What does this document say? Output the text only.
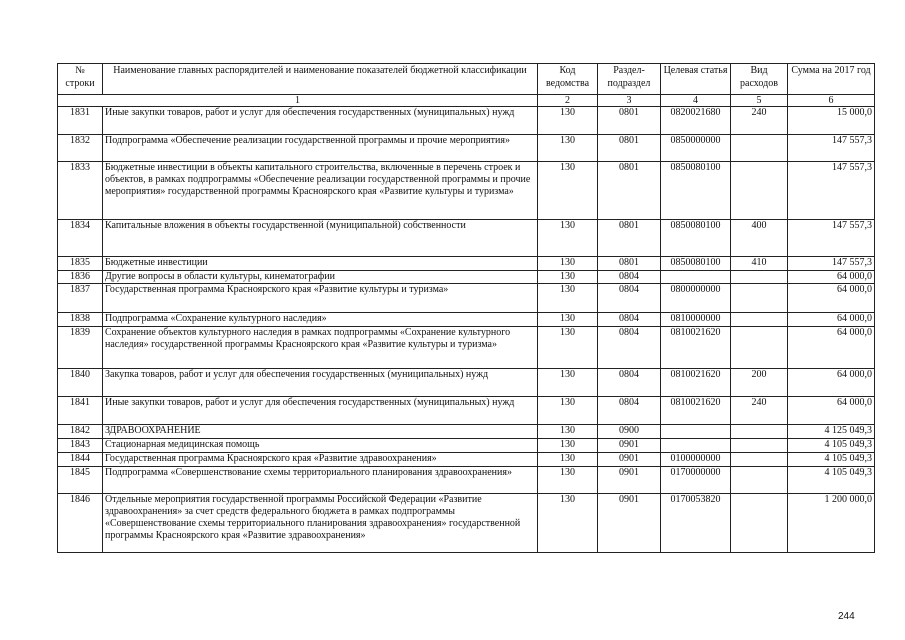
№ строки	Наименование главных распорядителей и наименование показателей бюджетной классификации	Код ведомства	Раздел-подраздел	Целевая статья	Вид расходов	Сумма на 2017 год
1		2	3	4	5	6
1831	Иные закупки товаров, работ и услуг для обеспечения государственных (муниципальных) нужд	130	0801	0820021680	240	15 000,0
1832	Подпрограмма «Обеспечение реализации государственной программы и прочие мероприятия»	130	0801	0850000000		147 557,3
1833	Бюджетные инвестиции в объекты капитального строительства, включенные в перечень строек и объектов, в рамках подпрограммы «Обеспечение реализации государственной программы и прочие мероприятия» государственной программы Красноярского края «Развитие культуры и туризма»	130	0801	0850080100		147 557,3
1834	Капитальные вложения в объекты государственной (муниципальной) собственности	130	0801	0850080100	400	147 557,3
1835	Бюджетные инвестиции	130	0801	0850080100	410	147 557,3
1836	Другие вопросы в области культуры, кинематографии	130	0804			64 000,0
1837	Государственная программа Красноярского края «Развитие культуры и туризма»	130	0804	0800000000		64 000,0
1838	Подпрограмма «Сохранение культурного наследия»	130	0804	0810000000		64 000,0
1839	Сохранение объектов культурного наследия в рамках подпрограммы «Сохранение культурного наследия» государственной программы Красноярского края «Развитие культуры и туризма»	130	0804	0810021620		64 000,0
1840	Закупка товаров, работ и услуг для обеспечения государственных (муниципальных) нужд	130	0804	0810021620	200	64 000,0
1841	Иные закупки товаров, работ и услуг для обеспечения государственных (муниципальных) нужд	130	0804	0810021620	240	64 000,0
1842	ЗДРАВООХРАНЕНИЕ	130	0900			4 125 049,3
1843	Стационарная медицинская помощь	130	0901			4 105 049,3
1844	Государственная программа Красноярского края «Развитие здравоохранения»	130	0901	0100000000		4 105 049,3
1845	Подпрограмма «Совершенствование схемы территориального планирования здравоохранения»	130	0901	0170000000		4 105 049,3
1846	Отдельные мероприятия государственной программы Российской Федерации «Развитие здравоохранения» за счет средств федерального бюджета в рамках подпрограммы «Совершенствование схемы территориального планирования здравоохранения» государственной программы Красноярского края «Развитие здравоохранения»	130	0901	0170053820		1 200 000,0
244
